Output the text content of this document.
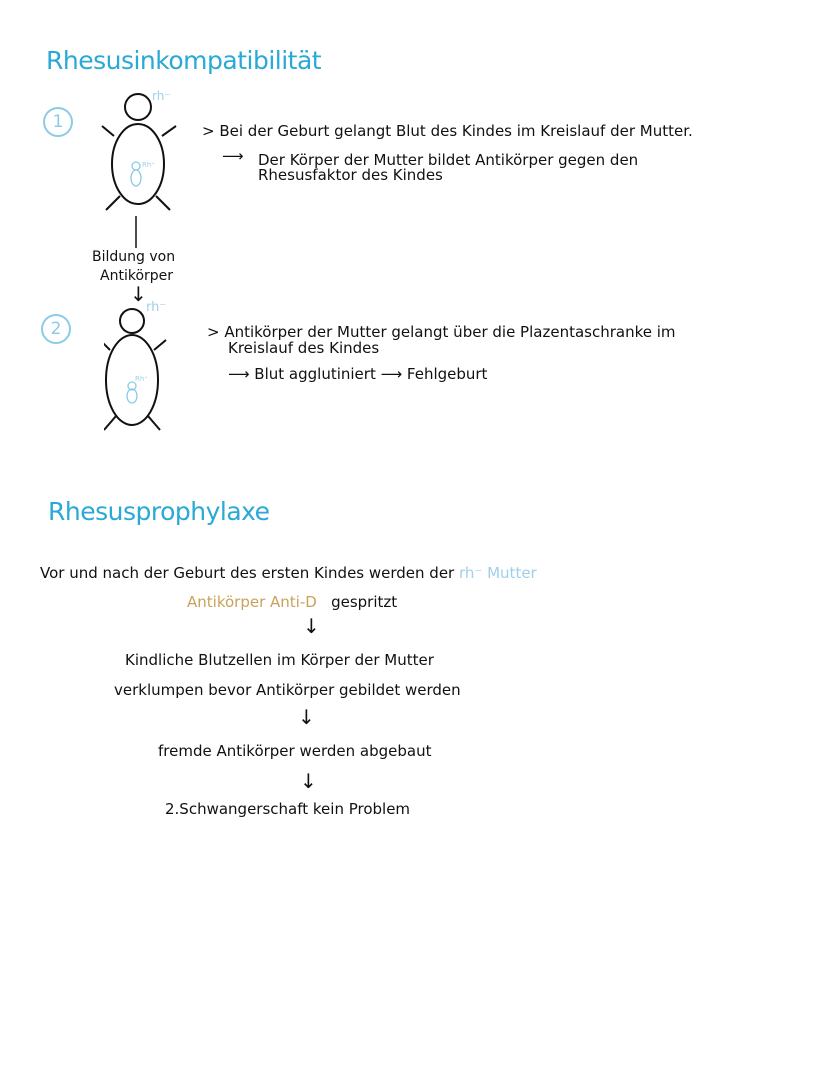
Rhesusinkompatibilität
1
rh⁻
Rh⁺
> Bei der Geburt gelangt Blut des Kindes im Kreislauf der Mutter.
⟶ Der Körper der Mutter bildet Antikörper gegen den
Rhesusfaktor des Kindes
Bildung von
Antikörper
↓
2
rh⁻
Rh⁺
> Antikörper der Mutter gelangt über die Plazentaschranke im
Kreislauf des Kindes
⟶ Blut agglutiniert ⟶ Fehlgeburt
Rhesusprophylaxe
Vor und nach der Geburt des ersten Kindes werden der rh⁻ Mutter
Antikörper Anti-D gespritzt
↓
Kindliche Blutzellen im Körper der Mutter
verklumpen bevor Antikörper gebildet werden
↓
fremde Antikörper werden abgebaut
↓
2.Schwangerschaft kein Problem
